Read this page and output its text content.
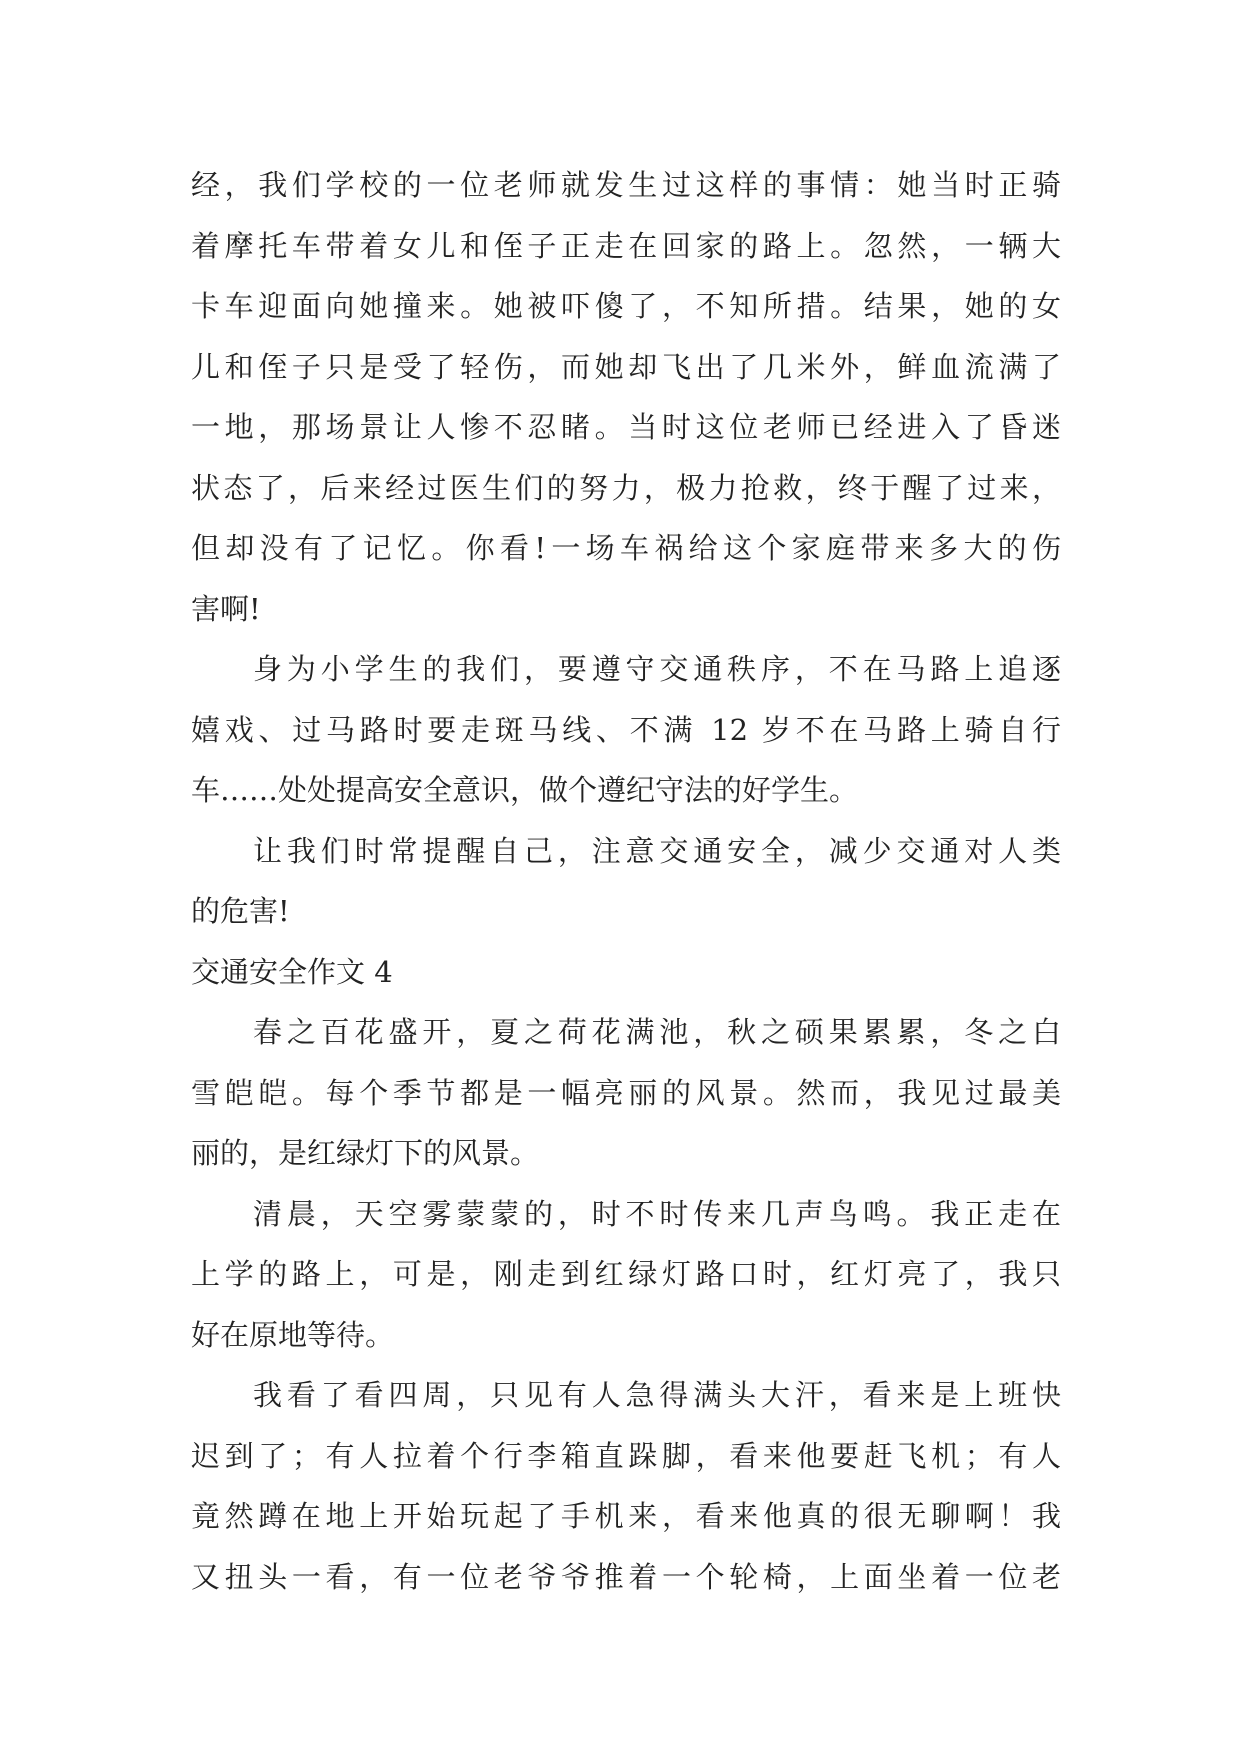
经，我们学校的一位老师就发生过这样的事情：她当时正骑
着摩托车带着女儿和侄子正走在回家的路上。忽然，一辆大
卡车迎面向她撞来。她被吓傻了，不知所措。结果，她的女
儿和侄子只是受了轻伤，而她却飞出了几米外，鲜血流满了
一地，那场景让人惨不忍睹。当时这位老师已经进入了昏迷
状态了，后来经过医生们的努力，极力抢救，终于醒了过来，
但却没有了记忆。你看!一场车祸给这个家庭带来多大的伤
害啊!
身为小学生的我们，要遵守交通秩序，不在马路上追逐
嬉戏、过马路时要走斑马线、不满 12 岁不在马路上骑自行
车……处处提高安全意识，做个遵纪守法的好学生。
让我们时常提醒自己，注意交通安全，减少交通对人类
的危害!
交通安全作文 4
春之百花盛开，夏之荷花满池，秋之硕果累累，冬之白
雪皑皑。每个季节都是一幅亮丽的风景。然而，我见过最美
丽的，是红绿灯下的风景。
清晨，天空雾蒙蒙的，时不时传来几声鸟鸣。我正走在
上学的路上，可是，刚走到红绿灯路口时，红灯亮了，我只
好在原地等待。
我看了看四周，只见有人急得满头大汗，看来是上班快
迟到了；有人拉着个行李箱直跺脚，看来他要赶飞机；有人
竟然蹲在地上开始玩起了手机来，看来他真的很无聊啊！我
又扭头一看，有一位老爷爷推着一个轮椅，上面坐着一位老
